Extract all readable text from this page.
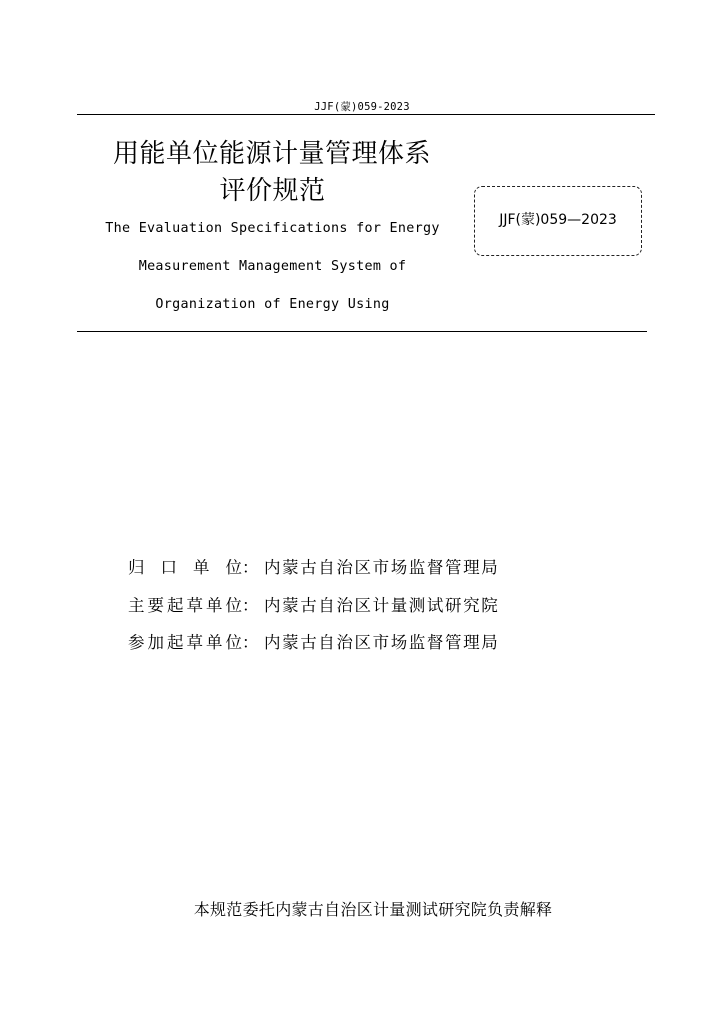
JJF(蒙)059-2023
用能单位能源计量管理体系
评价规范
The Evaluation Specifications for Energy
Measurement Management System of
Organization of Energy Using
JJF(蒙)059—2023
归口单位： 内蒙古自治区市场监督管理局
主要起草单位： 内蒙古自治区计量测试研究院
参加起草单位： 内蒙古自治区市场监督管理局
本规范委托内蒙古自治区计量测试研究院负责解释
